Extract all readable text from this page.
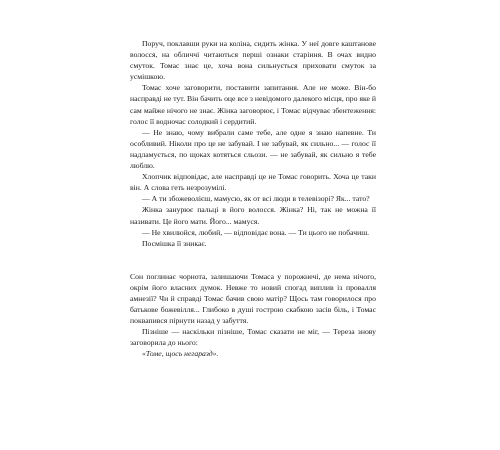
Поруч, поклавши руки на коліна, сидить жінка. У неї довге каштанове волосся, на обличчі читаються перші ознаки старіння. В очах видно смуток. Томас знає це, хоча вона сильнується приховати смуток за усмішкою.

Томас хоче заговорити, поставити запитання. Але не може. Він-бо насправді не тут. Він бачить оце все з невідомого далекого місця, про яке й сам майже нічого не знає. Жінка заговорює, і Томас відчуває збентеження: голос її водночас солодкий і сердитий.

— Не знаю, чому вибрали саме тебе, але одне я знаю напевне. Ти особливий. Ніколи про це не забувай. І не забувай, як сильно... — голос її надламується, по щоках котяться сльози. — не забувай, як сильно я тебе люблю.

Хлопчик відповідає, але насправді це не Томас говорить. Хоча це таки він. А слова геть незрозумілі.

— А ти збожеволієш, мамусю, як от всі люди в телевізорі? Як... тато?

Жінка занурює пальці в його волосся. Жінка? Ні, так не можна її називати. Це його мати. Його... мамуся.

— Не хвилюйся, любий, — відповідає вона. — Ти цього не побачиш.

Посмішка її зникає.

Сон поглинає чорнота, залишаючи Томаса у порожнечі, де нема нічого, окрім його власних думок. Невже то новий спогад виплив із провалля амнезії? Чи й справді Томас бачив свою матір? Щось там говорилося про батькове божевілля... Глибоко в душі гострою скабкою засів біль, і Томас поквапився пірнути назад у забуття.

Пізніше — наскільки пізніше, Томас сказати не міг, — Тереза знову заговорила до нього:

«Томе, щось негаразд».
